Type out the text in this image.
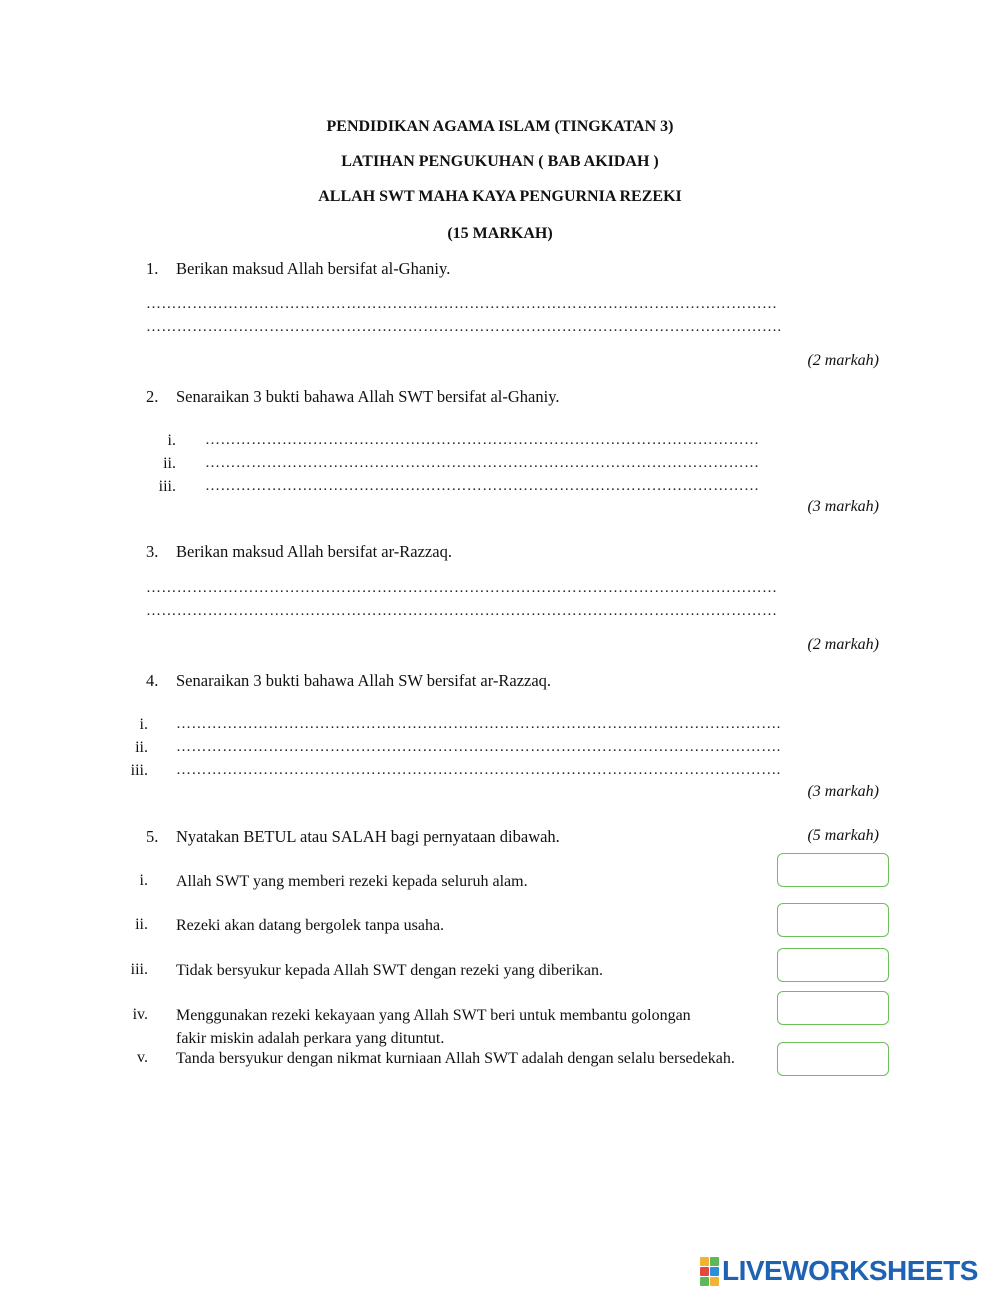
PENDIDIKAN AGAMA ISLAM (TINGKATAN 3)
LATIHAN PENGUKUHAN ( BAB AKIDAH )
ALLAH SWT MAHA KAYA PENGURNIA REZEKI
(15 MARKAH)
1. Berikan maksud Allah bersifat al-Ghaniy.
……………………………………………………………………………………………………………
…………………………………………………………………………………………………………….
(2 markah)
2. Senaraikan 3 bukti bahawa Allah SWT bersifat al-Ghaniy.
i. ………………………………………………………………………………………………
ii. ………………………………………………………………………………………………
iii. ………………………………………………………………………………………………
(3 markah)
3. Berikan maksud Allah bersifat ar-Razzaq.
……………………………………………………………………………………………………………
……………………………………………………………………………………………………………
(2 markah)
4. Senaraikan 3 bukti bahawa Allah SW bersifat ar-Razzaq.
i. ……………………………………………………………………………………………………….
ii. ……………………………………………………………………………………………………….
iii. ……………………………………………………………………………………………………….
(3 markah)
5. Nyatakan BETUL atau SALAH bagi pernyataan dibawah.	(5 markah)
i. Allah SWT yang memberi rezeki kepada seluruh alam.
ii. Rezeki akan datang bergolek tanpa usaha.
iii. Tidak bersyukur kepada Allah SWT dengan rezeki yang diberikan.
iv. Menggunakan rezeki kekayaan yang Allah SWT beri untuk membantu golongan fakir miskin adalah perkara yang dituntut.
v. Tanda bersyukur dengan nikmat kurniaan Allah SWT adalah dengan selalu bersedekah.
LIVEWORKSHEETS
